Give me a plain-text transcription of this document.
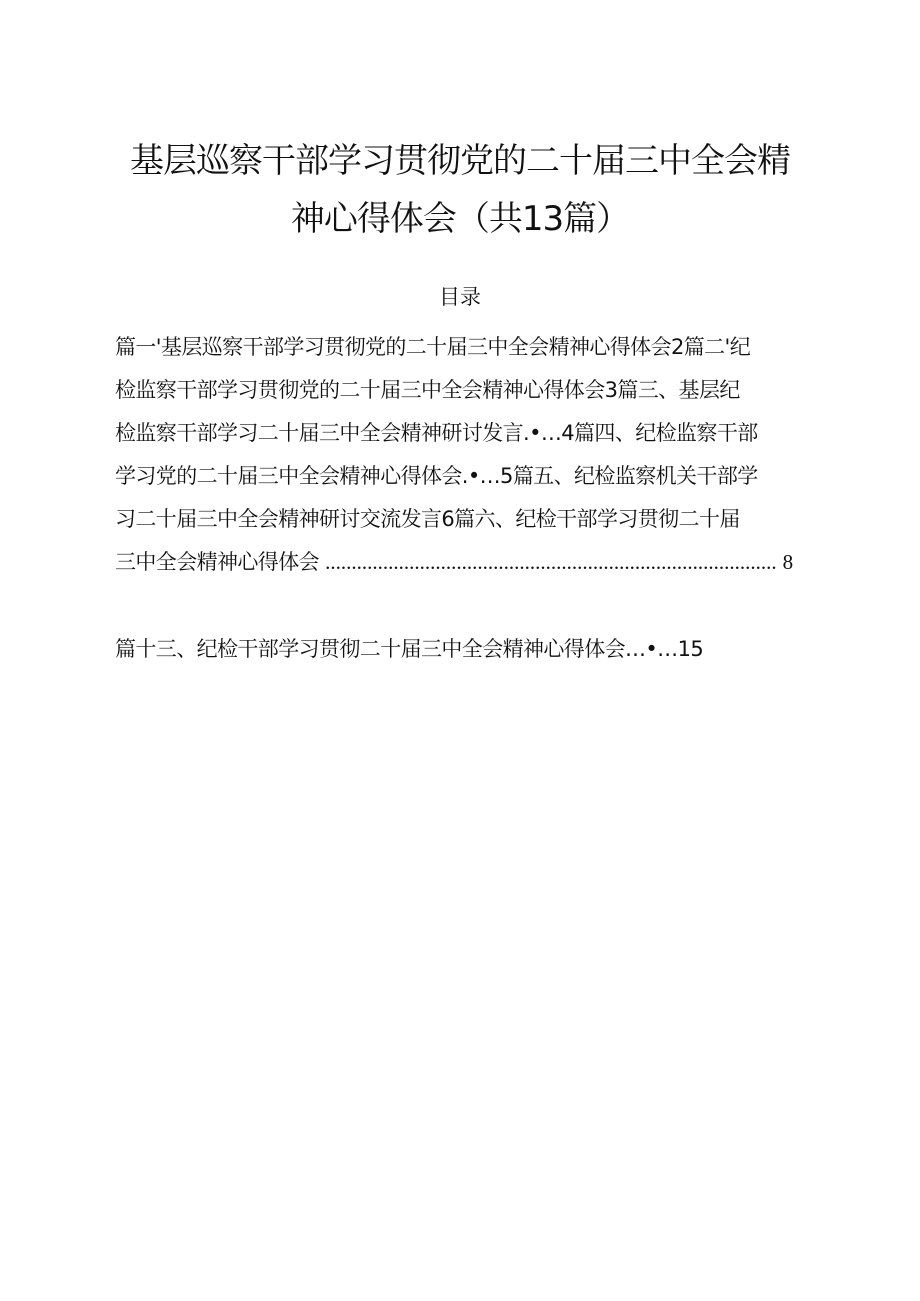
基层巡察干部学习贯彻党的二十届三中全会精
神心得体会（共13篇）
目录
篇一'基层巡察干部学习贯彻党的二十届三中全会精神心得体会2篇二'纪
检监察干部学习贯彻党的二十届三中全会精神心得体会3篇三、基层纪
检监察干部学习二十届三中全会精神研讨发言.•…4篇四、纪检监察干部
学习党的二十届三中全会精神心得体会.•…5篇五、纪检监察机关干部学
习二十届三中全会精神研讨交流发言6篇六、纪检干部学习贯彻二十届
三中全会精神心得体会 ...................................................................................... 8
篇十三、纪检干部学习贯彻二十届三中全会精神心得体会…•…15
